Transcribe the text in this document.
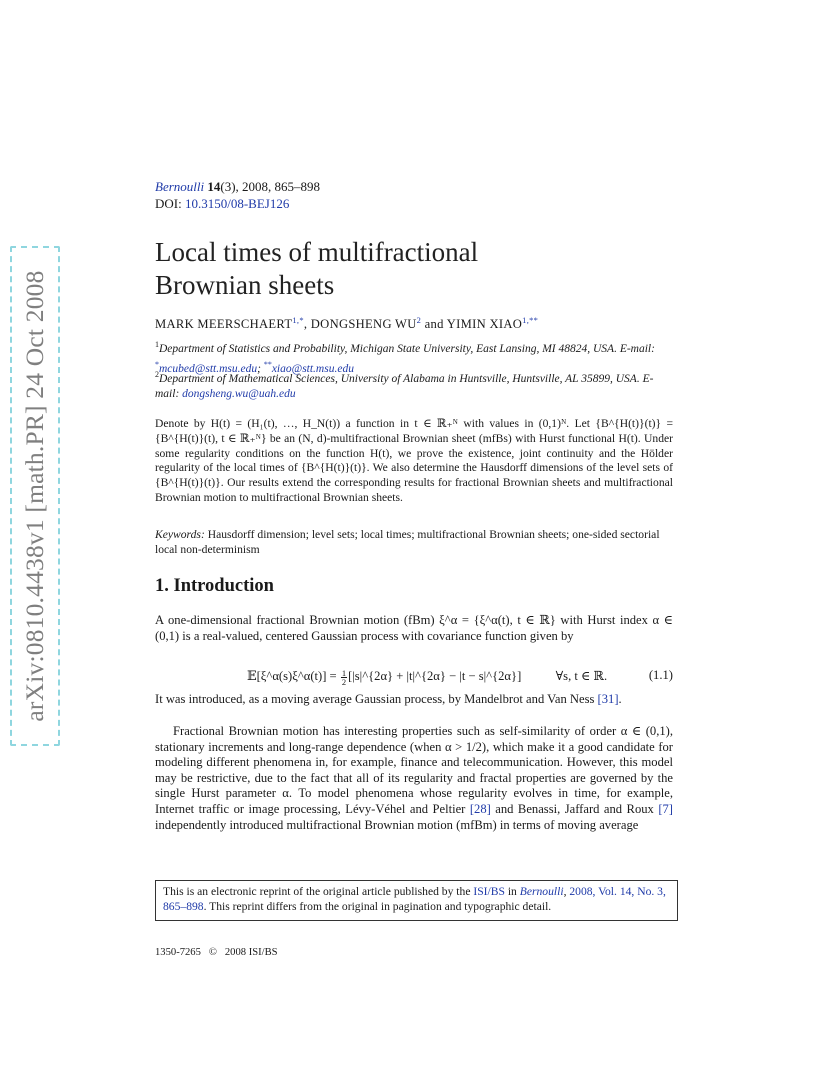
arXiv:0810.4438v1 [math.PR] 24 Oct 2008
Bernoulli 14(3), 2008, 865–898
DOI: 10.3150/08-BEJ126
Local times of multifractional
Brownian sheets
MARK $MEERSCHAERT^{1,*}$, DONGSHENG $WU^2$ and YIMIN $XIAO^{1,**}$
$^1$Department of Statistics and Probability, Michigan State University, East Lansing, MI 48824, USA. E-mail: *mcubed@stt.msu.edu; **xiao@stt.msu.edu
$^2$Department of Mathematical Sciences, University of Alabama in Huntsville, Huntsville, AL 35899, USA. E-mail: dongsheng.wu@uah.edu

Denote by H(t) = (H₁(t), …, H_N(t)) a function in t ∈ ℝ₊ᴺ with values in (0,1)ᴺ. Let {B^{H(t)}(t)} = {B^{H(t)}(t), t ∈ ℝ₊ᴺ} be an (N, d)-multifractional Brownian sheet (mfBs) with Hurst functional H(t). Under some regularity conditions on the function H(t), we prove the existence, joint continuity and the Hölder regularity of the local times of {B^{H(t)}(t)}. We also determine the Hausdorff dimensions of the level sets of {B^{H(t)}(t)}. Our results extend the corresponding results for fractional Brownian sheets and multifractional Brownian motion to multifractional Brownian sheets.

Keywords: Hausdorff dimension; level sets; local times; multifractional Brownian sheets; one-sided sectorial local non-determinism
1. Introduction

A one-dimensional fractional Brownian motion (fBm) ξ^α = {ξ^α(t), t ∈ ℝ} with Hurst index α ∈ (0,1) is a real-valued, centered Gaussian process with covariance function given by

𝔼[ξ^α(s)ξ^α(t)] = $\frac{1}{2}$ [|s|^{2α} + |t|^{2α} − |t − s|^{2α}]	∀s, t ∈ ℝ.	(1.1)

It was introduced, as a moving average Gaussian process, by Mandelbrot and Van Ness [31].

Fractional Brownian motion has interesting properties such as self-similarity of order α ∈ (0,1), stationary increments and long-range dependence (when α > 1/2), which make it a good candidate for modeling different phenomena in, for example, finance and telecommunication. However, this model may be restrictive, due to the fact that all of its regularity and fractal properties are governed by the single Hurst parameter α. To model phenomena whose regularity evolves in time, for example, Internet traffic or image processing, Lévy-Véhel and Peltier [28] and Benassi, Jaffard and Roux [7] independently introduced multifractional Brownian motion (mfBm) in terms of moving average

This is an electronic reprint of the original article published by the ISI/BS in Bernoulli, 2008, Vol. 14, No. 3, 865–898. This reprint differs from the original in pagination and typographic detail.
1350-7265 © 2008 ISI/BS
